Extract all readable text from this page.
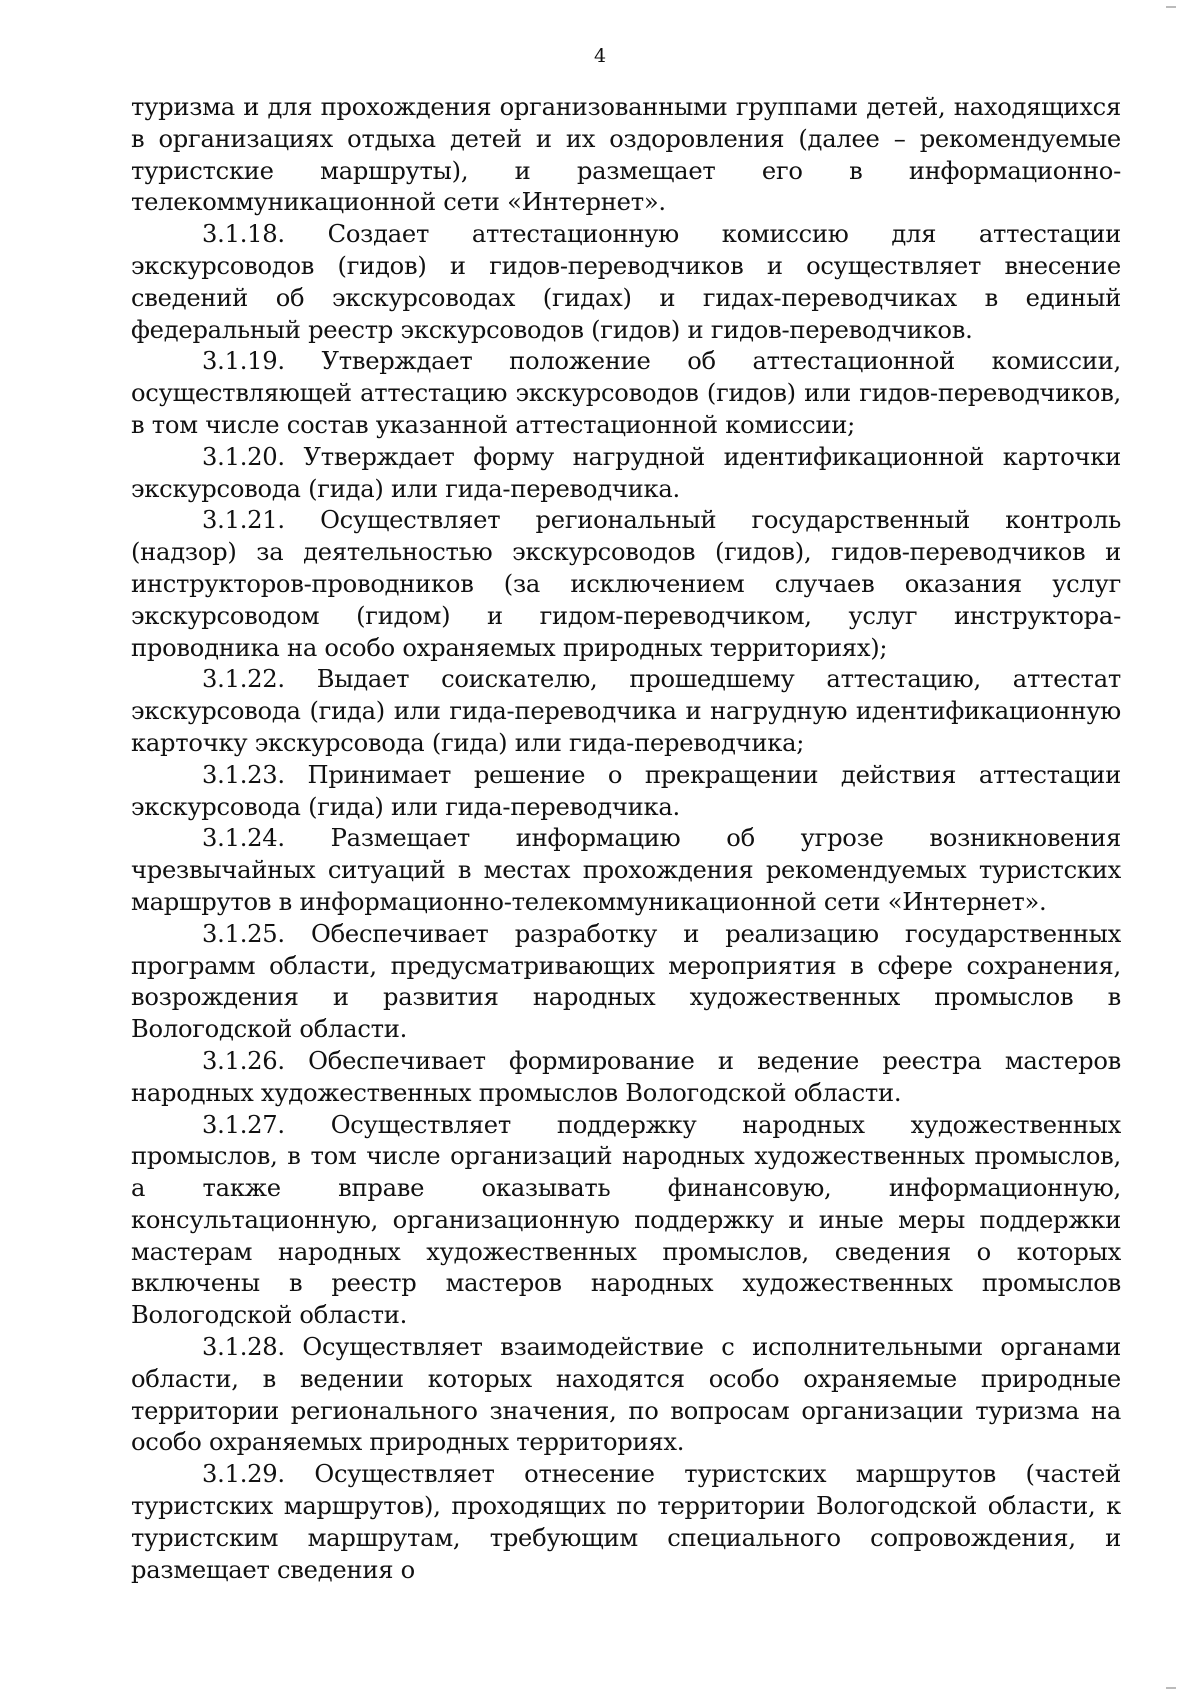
4

туризма и для прохождения организованными группами детей, находящихся в организациях отдыха детей и их оздоровления (далее – рекомендуемые туристские маршруты), и размещает его в информационно-телекоммуникационной сети «Интернет».

3.1.18. Создает аттестационную комиссию для аттестации экскурсоводов (гидов) и гидов-переводчиков и осуществляет внесение сведений об экскурсоводах (гидах) и гидах-переводчиках в единый федеральный реестр экскурсоводов (гидов) и гидов-переводчиков.

3.1.19. Утверждает положение об аттестационной комиссии, осуществляющей аттестацию экскурсоводов (гидов) или гидов-переводчиков, в том числе состав указанной аттестационной комиссии;

3.1.20. Утверждает форму нагрудной идентификационной карточки экскурсовода (гида) или гида-переводчика.

3.1.21. Осуществляет региональный государственный контроль (надзор) за деятельностью экскурсоводов (гидов), гидов-переводчиков и инструкторов-проводников (за исключением случаев оказания услуг экскурсоводом (гидом) и гидом-переводчиком, услуг инструктора-проводника на особо охраняемых природных территориях);

3.1.22. Выдает соискателю, прошедшему аттестацию, аттестат экскурсовода (гида) или гида-переводчика и нагрудную идентификационную карточку экскурсовода (гида) или гида-переводчика;

3.1.23. Принимает решение о прекращении действия аттестации экскурсовода (гида) или гида-переводчика.

3.1.24. Размещает информацию об угрозе возникновения чрезвычайных ситуаций в местах прохождения рекомендуемых туристских маршрутов в информационно-телекоммуникационной сети «Интернет».

3.1.25. Обеспечивает разработку и реализацию государственных программ области, предусматривающих мероприятия в сфере сохранения, возрождения и развития народных художественных промыслов в Вологодской области.

3.1.26. Обеспечивает формирование и ведение реестра мастеров народных художественных промыслов Вологодской области.

3.1.27. Осуществляет поддержку народных художественных промыслов, в том числе организаций народных художественных промыслов, а также вправе оказывать финансовую, информационную, консультационную, организационную поддержку и иные меры поддержки мастерам народных художественных промыслов, сведения о которых включены в реестр мастеров народных художественных промыслов Вологодской области.

3.1.28. Осуществляет взаимодействие с исполнительными органами области, в ведении которых находятся особо охраняемые природные территории регионального значения, по вопросам организации туризма на особо охраняемых природных территориях.

3.1.29. Осуществляет отнесение туристских маршрутов (частей туристских маршрутов), проходящих по территории Вологодской области, к туристским маршрутам, требующим специального сопровождения, и размещает сведения о
